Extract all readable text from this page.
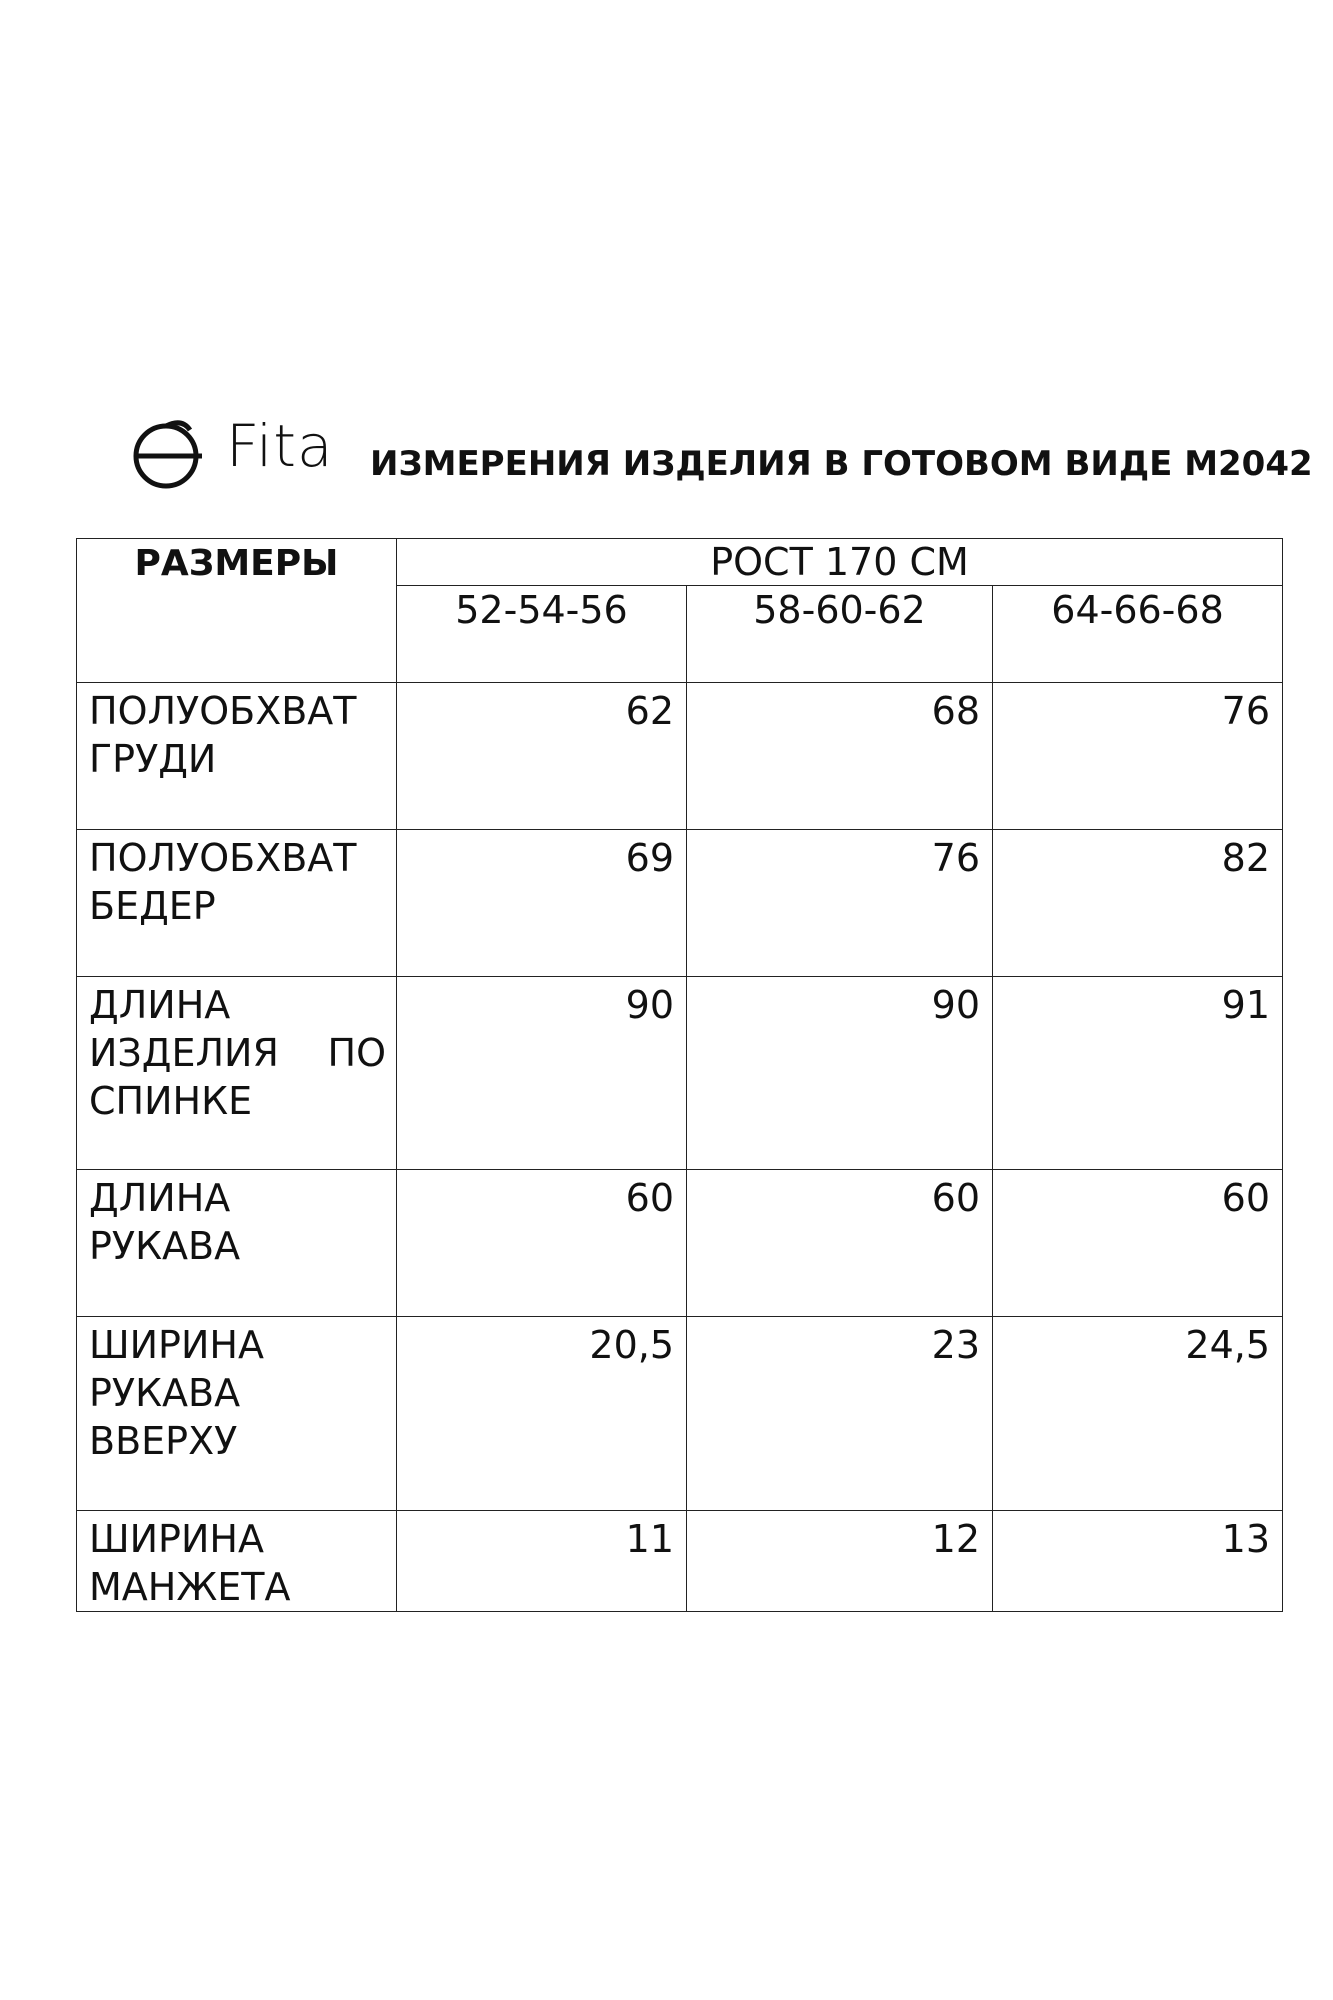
Fita ИЗМЕРЕНИЯ ИЗДЕЛИЯ В ГОТОВОМ ВИДЕ М2042
РАЗМЕРЫ	РОСТ 170 СМ		
	52-54-56	58-60-62	64-66-68
ПОЛУОБХВАТ ГРУДИ	62	68	76
ПОЛУОБХВАТ БЕДЕР	69	76	82
ДЛИНА ИЗДЕЛИЯ ПО СПИНКЕ	90	90	91
ДЛИНА РУКАВА	60	60	60
ШИРИНА РУКАВА ВВЕРХУ	20,5	23	24,5
ШИРИНА МАНЖЕТА	11	12	13
